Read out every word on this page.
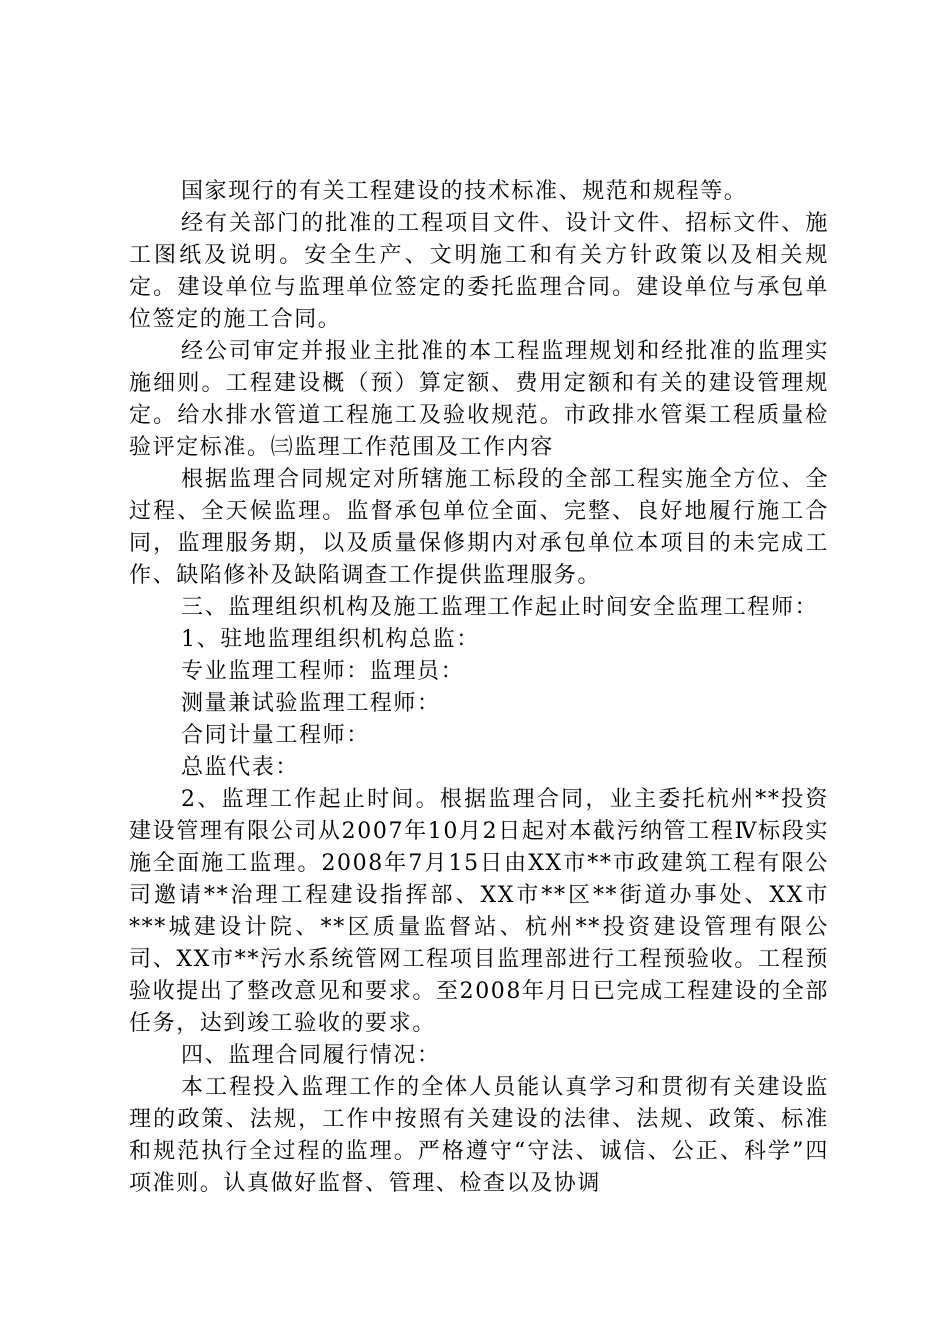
国家现行的有关工程建设的技术标准、规范和规程等。

经有关部门的批准的工程项目文件、设计文件、招标文件、施工图纸及说明。安全生产、文明施工和有关方针政策以及相关规定。建设单位与监理单位签定的委托监理合同。建设单位与承包单位签定的施工合同。

经公司审定并报业主批准的本工程监理规划和经批准的监理实施细则。工程建设概（预）算定额、费用定额和有关的建设管理规定。给水排水管道工程施工及验收规范。市政排水管渠工程质量检验评定标准。㈢监理工作范围及工作内容

根据监理合同规定对所辖施工标段的全部工程实施全方位、全过程、全天候监理。监督承包单位全面、完整、良好地履行施工合同，监理服务期，以及质量保修期内对承包单位本项目的未完成工作、缺陷修补及缺陷调查工作提供监理服务。

三、监理组织机构及施工监理工作起止时间安全监理工程师：

1、驻地监理组织机构总监：

专业监理工程师：监理员：

测量兼试验监理工程师：

合同计量工程师：

总监代表：

2、监理工作起止时间。根据监理合同，业主委托杭州**投资建设管理有限公司从2007年10月2日起对本截污纳管工程Ⅳ标段实施全面施工监理。2008年7月15日由XX市**市政建筑工程有限公司邀请**治理工程建设指挥部、XX市**区**街道办事处、XX市***城建设计院、**区质量监督站、杭州**投资建设管理有限公司、XX市**污水系统管网工程项目监理部进行工程预验收。工程预验收提出了整改意见和要求。至2008年月日已完成工程建设的全部任务，达到竣工验收的要求。

四、监理合同履行情况：

本工程投入监理工作的全体人员能认真学习和贯彻有关建设监理的政策、法规，工作中按照有关建设的法律、法规、政策、标准和规范执行全过程的监理。严格遵守“守法、诚信、公正、科学”四项准则。认真做好监督、管理、检查以及协调
